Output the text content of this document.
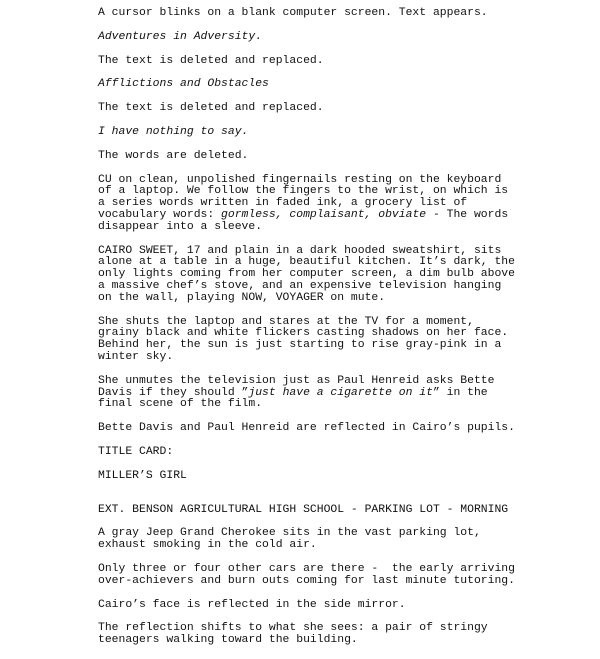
A cursor blinks on a blank computer screen. Text appears.

Adventures in Adversity.

The text is deleted and replaced.

Afflictions and Obstacles

The text is deleted and replaced.

I have nothing to say.

The words are deleted.

CU on clean, unpolished fingernails resting on the keyboard
of a laptop. We follow the fingers to the wrist, on which is
a series words written in faded ink, a grocery list of
vocabulary words: gormless, complaisant, obviate - The words
disappear into a sleeve.

CAIRO SWEET, 17 and plain in a dark hooded sweatshirt, sits
alone at a table in a huge, beautiful kitchen. It’s dark, the
only lights coming from her computer screen, a dim bulb above
a massive chef’s stove, and an expensive television hanging
on the wall, playing NOW, VOYAGER on mute.

She shuts the laptop and stares at the TV for a moment,
grainy black and white flickers casting shadows on her face.
Behind her, the sun is just starting to rise gray-pink in a
winter sky.

She unmutes the television just as Paul Henreid asks Bette
Davis if they should ”just have a cigarette on it” in the
final scene of the film.

Bette Davis and Paul Henreid are reflected in Cairo’s pupils.

TITLE CARD:

MILLER’S GIRL

EXT. BENSON AGRICULTURAL HIGH SCHOOL - PARKING LOT - MORNING

A gray Jeep Grand Cherokee sits in the vast parking lot,
exhaust smoking in the cold air.

Only three or four other cars are there -  the early arriving
over-achievers and burn outs coming for last minute tutoring.

Cairo’s face is reflected in the side mirror.

The reflection shifts to what she sees: a pair of stringy
teenagers walking toward the building.
